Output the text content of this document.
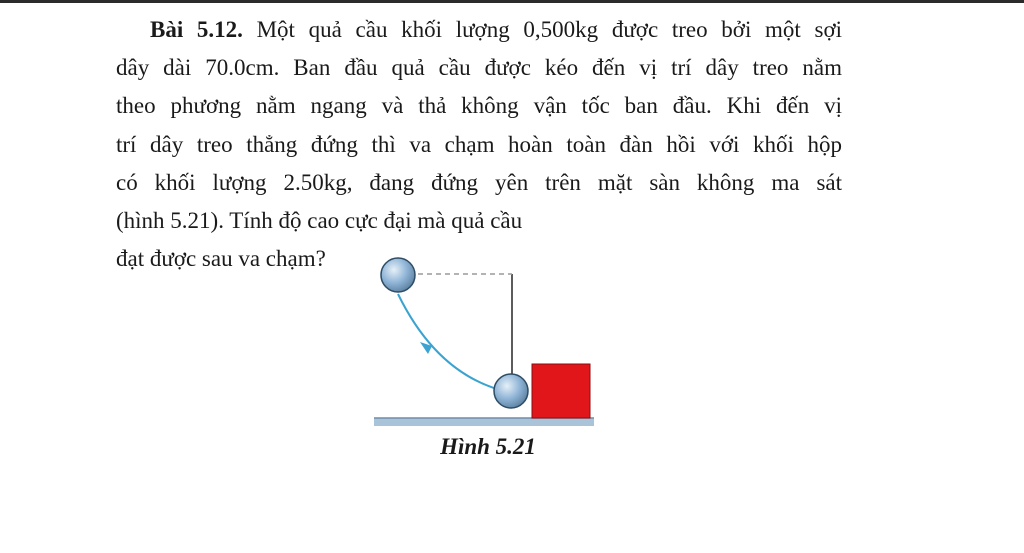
Bài 5.12. Một quả cầu khối lượng 0,500kg được treo bởi một sợi
dây dài 70.0cm. Ban đầu quả cầu được kéo đến vị trí dây treo nằm
theo phương nằm ngang và thả không vận tốc ban đầu. Khi đến vị
trí dây treo thẳng đứng thì va chạm hoàn toàn đàn hồi với khối hộp
có khối lượng 2.50kg, đang đứng yên trên mặt sàn không ma sát
(hình 5.21). Tính độ cao cực đại mà quả cầu
đạt được sau va chạm?
Hình 5.21
